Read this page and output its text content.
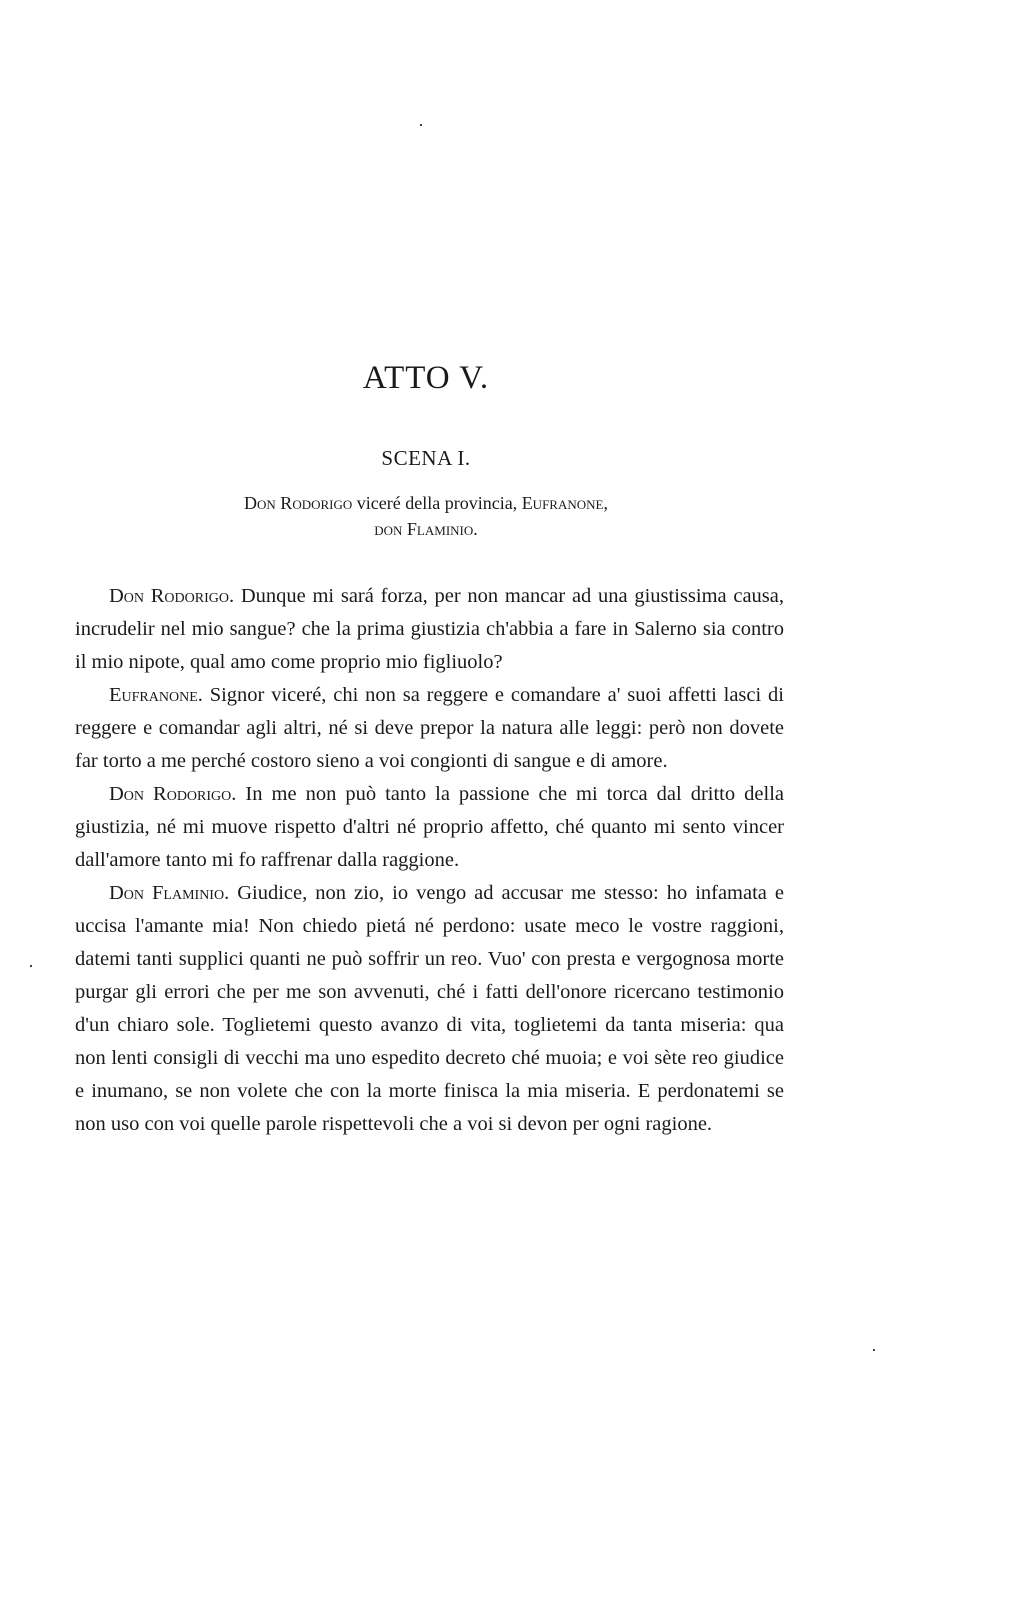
ATTO V.
SCENA I.
Don Rodorigo viceré della provincia, Eufranone,
don Flaminio.

Don Rodorigo. Dunque mi sará forza, per non mancar ad una giustissima causa, incrudelir nel mio sangue? che la prima giustizia ch'abbia a fare in Salerno sia contro il mio nipote, qual amo come proprio mio figliuolo?

Eufranone. Signor viceré, chi non sa reggere e comandare a' suoi affetti lasci di reggere e comandar agli altri, né si deve prepor la natura alle leggi: però non dovete far torto a me perché costoro sieno a voi congionti di sangue e di amore.

Don Rodorigo. In me non può tanto la passione che mi torca dal dritto della giustizia, né mi muove rispetto d'altri né proprio affetto, ché quanto mi sento vincer dall'amore tanto mi fo raffrenar dalla raggione.

Don Flaminio. Giudice, non zio, io vengo ad accusar me stesso: ho infamata e uccisa l'amante mia! Non chiedo pietá né perdono: usate meco le vostre raggioni, datemi tanti supplici quanti ne può soffrir un reo. Vuo' con presta e vergognosa morte purgar gli errori che per me son avvenuti, ché i fatti dell'onore ricercano testimonio d'un chiaro sole. Toglietemi questo avanzo di vita, toglietemi da tanta miseria: qua non lenti consigli di vecchi ma uno espedito decreto ché muoia; e voi sète reo giudice e inumano, se non volete che con la morte finisca la mia miseria. E perdonatemi se non uso con voi quelle parole rispettevoli che a voi si devon per ogni ragione.
